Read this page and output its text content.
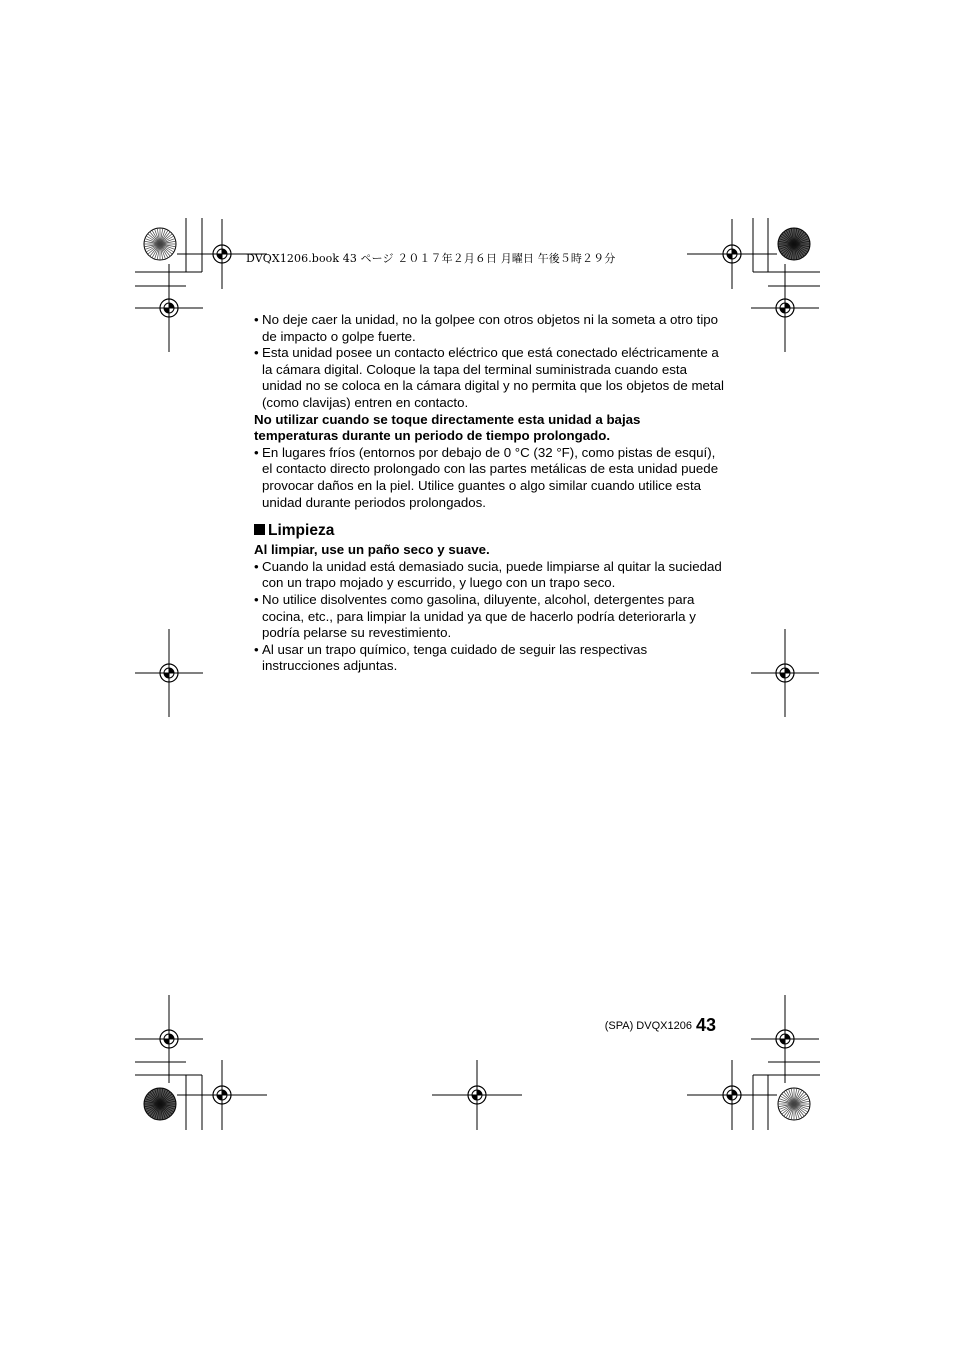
DVQX1206.book 43 ページ ２０１７年２月６日 月曜日 午後５時２９分
• No deje caer la unidad, no la golpee con otros objetos ni la someta a otro tipo de impacto o golpe fuerte.
• Esta unidad posee un contacto eléctrico que está conectado eléctricamente a la cámara digital. Coloque la tapa del terminal suministrada cuando esta unidad no se coloca en la cámara digital y no permita que los objetos de metal (como clavijas) entren en contacto.

No utilizar cuando se toque directamente esta unidad a bajas temperaturas durante un periodo de tiempo prolongado.

• En lugares fríos (entornos por debajo de 0 °C (32 °F), como pistas de esquí), el contacto directo prolongado con las partes metálicas de esta unidad puede provocar daños en la piel. Utilice guantes o algo similar cuando utilice esta unidad durante periodos prolongados.
Limpieza
Al limpiar, use un paño seco y suave.
• Cuando la unidad está demasiado sucia, puede limpiarse al quitar la suciedad con un trapo mojado y escurrido, y luego con un trapo seco.
• No utilice disolventes como gasolina, diluyente, alcohol, detergentes para cocina, etc., para limpiar la unidad ya que de hacerlo podría deteriorarla y podría pelarse su revestimiento.
• Al usar un trapo químico, tenga cuidado de seguir las respectivas instrucciones adjuntas.
(SPA) DVQX1206 43
